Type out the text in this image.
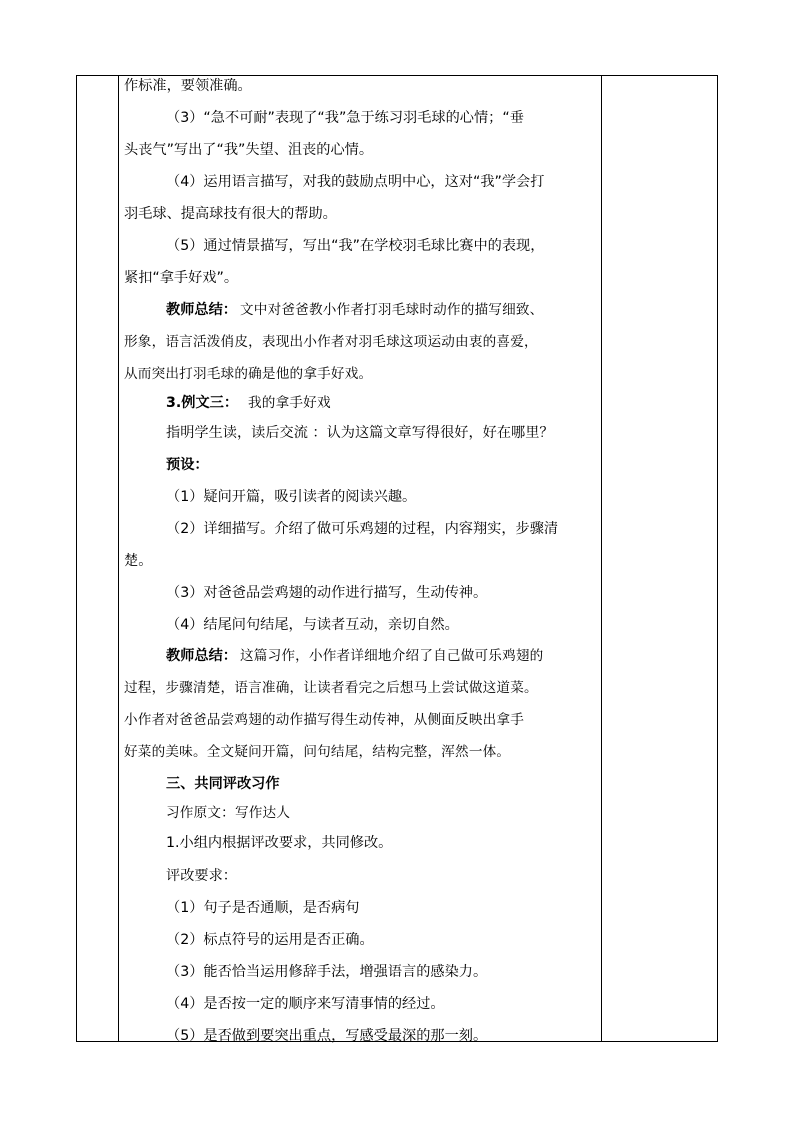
作标准，要领准确。
（3）“急不可耐”表现了“我”急于练习羽毛球的心情；“垂
头丧气”写出了“我”失望、沮丧的心情。
（4）运用语言描写，对我的鼓励点明中心，这对“我”学会打
羽毛球、提高球技有很大的帮助。
（5）通过情景描写，写出“我”在学校羽毛球比赛中的表现，
紧扣“拿手好戏”。
教师总结： 文中对爸爸教小作者打羽毛球时动作的描写细致、
形象，语言活泼俏皮，表现出小作者对羽毛球这项运动由衷的喜爱，
从而突出打羽毛球的确是他的拿手好戏。
3.例文三： 我的拿手好戏
指明学生读，读后交流 ：认为这篇文章写得很好，好在哪里？
预设：
（1）疑问开篇，吸引读者的阅读兴趣。
（2）详细描写。介绍了做可乐鸡翅的过程，内容翔实，步骤清
楚。
（3）对爸爸品尝鸡翅的动作进行描写，生动传神。
（4）结尾问句结尾，与读者互动，亲切自然。
教师总结： 这篇习作，小作者详细地介绍了自己做可乐鸡翅的
过程，步骤清楚，语言准确，让读者看完之后想马上尝试做这道菜。
小作者对爸爸品尝鸡翅的动作描写得生动传神，从侧面反映出拿手
好菜的美味。全文疑问开篇，问句结尾，结构完整，浑然一体。
三、共同评改习作
习作原文：写作达人
1.小组内根据评改要求，共同修改。
评改要求：
（1）句子是否通顺，是否病句
（2）标点符号的运用是否正确。
（3）能否恰当运用修辞手法，增强语言的感染力。
（4）是否按一定的顺序来写清事情的经过。
（5）是否做到要突出重点，写感受最深的那一刻。
